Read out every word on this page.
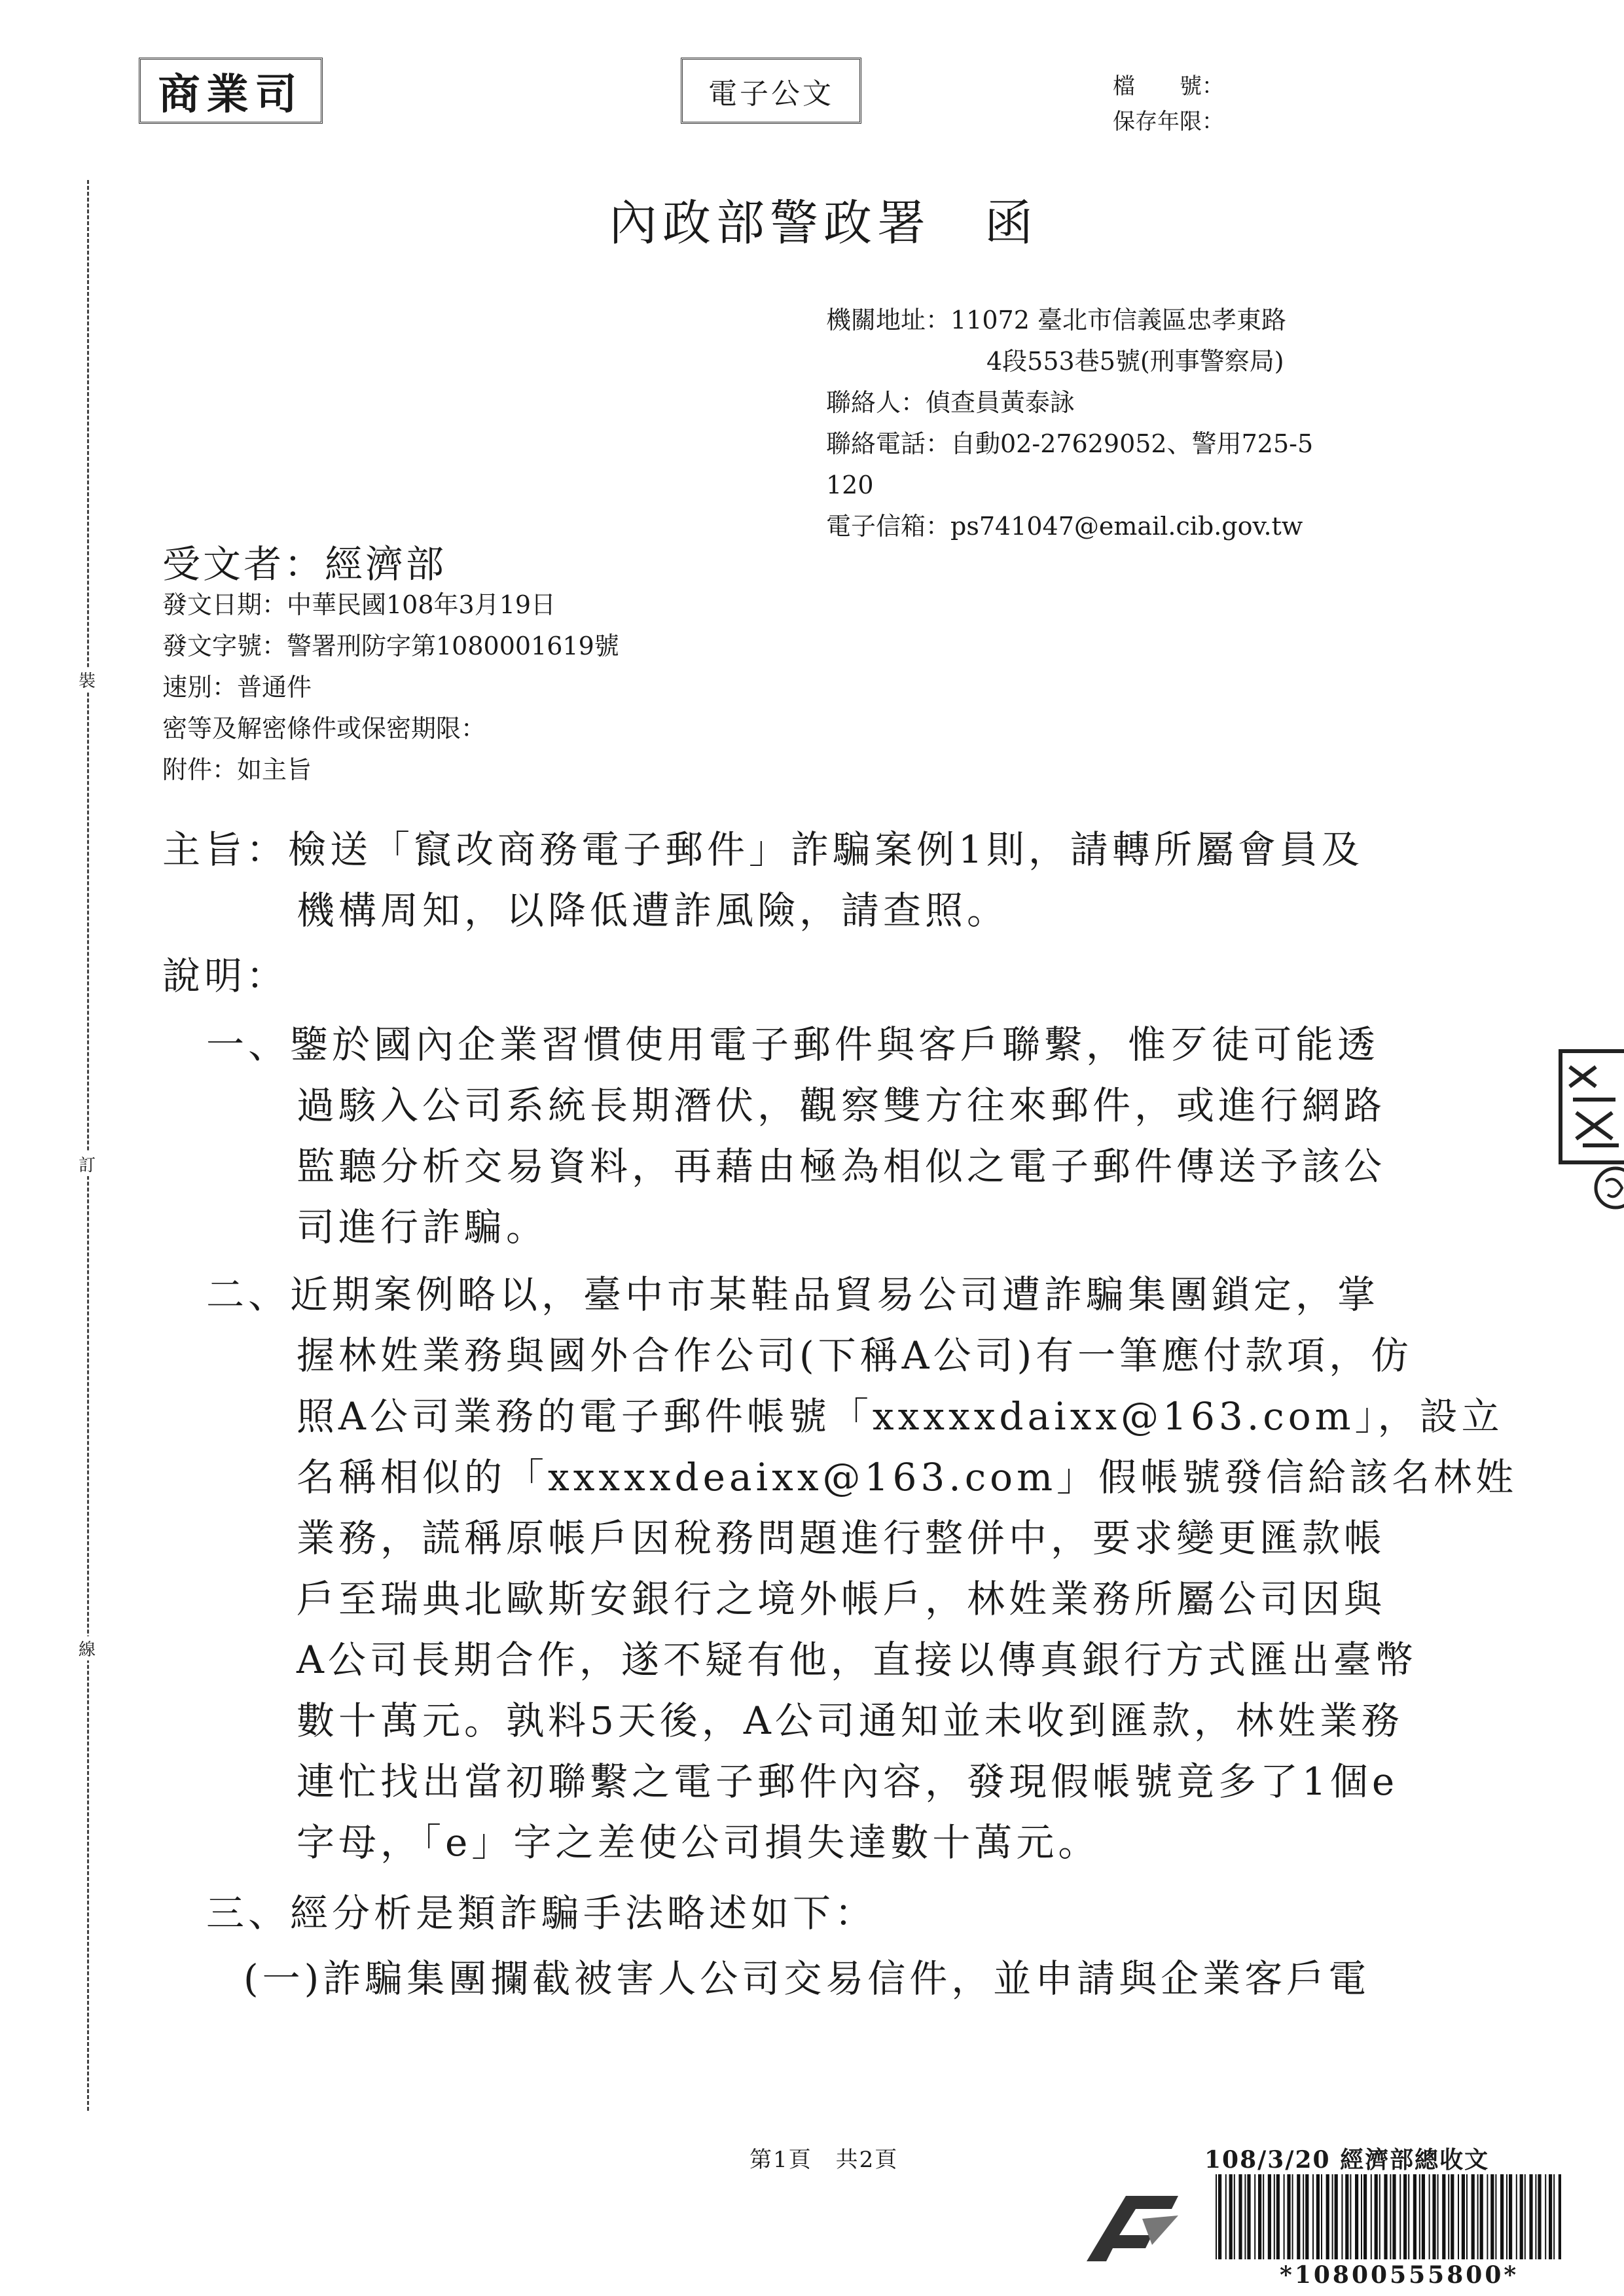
裝
訂
線
商業司	電子公文	檔　　號：
保存年限：
內政部警政署　函
機關地址：11072 臺北市信義區忠孝東路
4段553巷5號(刑事警察局)
聯絡人：偵查員黃泰詠
聯絡電話：自動02-27629052、警用725-5
120
電子信箱：ps741047@email.cib.gov.tw
受文者：經濟部
發文日期：中華民國108年3月19日
發文字號：警署刑防字第1080001619號
速別：普通件
密等及解密條件或保密期限：
附件：如主旨
主旨：檢送「竄改商務電子郵件」詐騙案例1則，請轉所屬會員及
機構周知，以降低遭詐風險，請查照。
說明：
一、鑒於國內企業習慣使用電子郵件與客戶聯繫，惟歹徒可能透
過駭入公司系統長期潛伏，觀察雙方往來郵件，或進行網路
監聽分析交易資料，再藉由極為相似之電子郵件傳送予該公
司進行詐騙。
二、近期案例略以，臺中市某鞋品貿易公司遭詐騙集團鎖定，掌
握林姓業務與國外合作公司(下稱A公司)有一筆應付款項，仿
照A公司業務的電子郵件帳號「xxxxxdaixx@163.com」，設立
名稱相似的「xxxxxdeaixx@163.com」假帳號發信給該名林姓
業務，謊稱原帳戶因稅務問題進行整併中，要求變更匯款帳
戶至瑞典北歐斯安銀行之境外帳戶，林姓業務所屬公司因與
A公司長期合作，遂不疑有他，直接以傳真銀行方式匯出臺幣
數十萬元。孰料5天後，A公司通知並未收到匯款，林姓業務
連忙找出當初聯繫之電子郵件內容，發現假帳號竟多了1個e
字母，「e」字之差使公司損失達數十萬元。
三、經分析是類詐騙手法略述如下：
(一)詐騙集團攔截被害人公司交易信件，並申請與企業客戶電
第1頁　共2頁	108/3/20 經濟部總收文
*10800555800*
